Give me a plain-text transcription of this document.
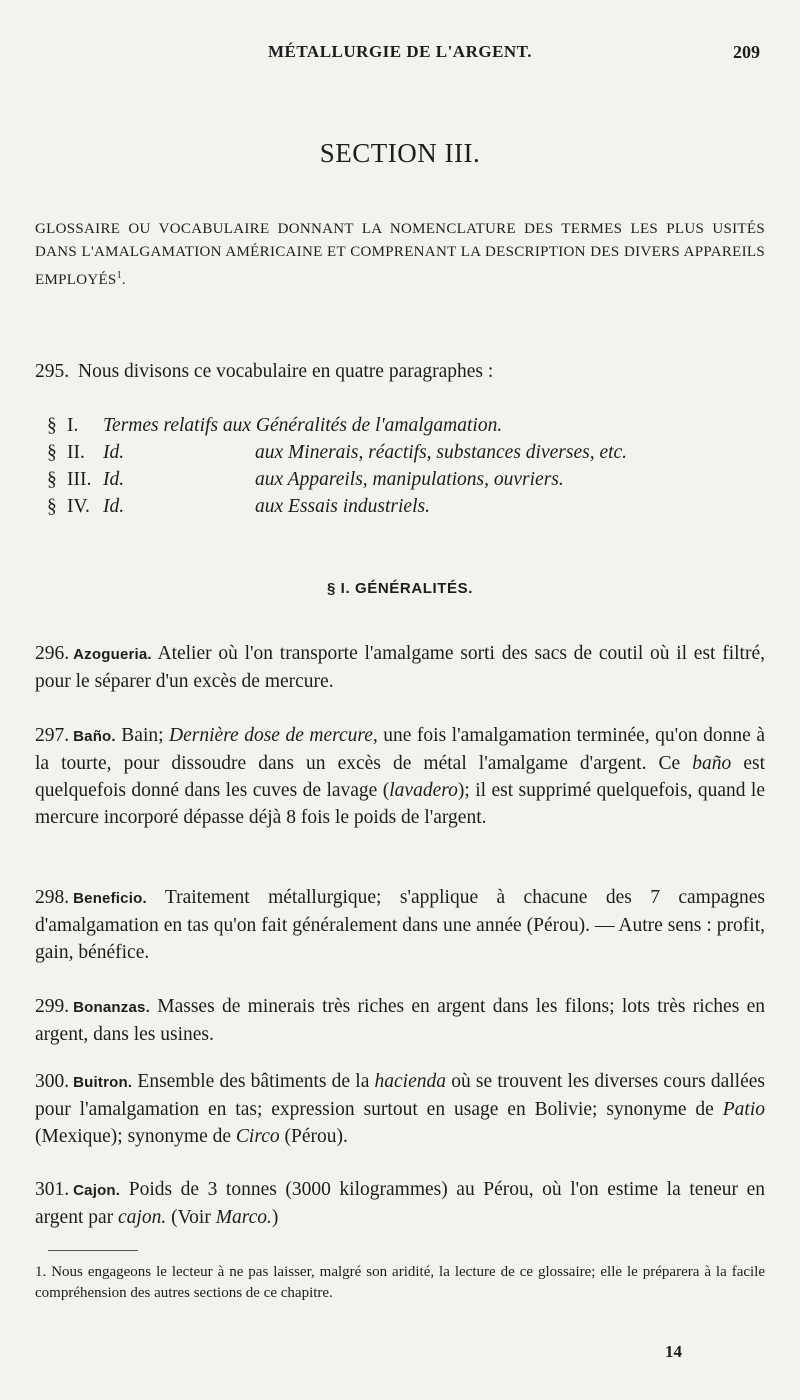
MÉTALLURGIE DE L'ARGENT.	209
SECTION III.
GLOSSAIRE OU VOCABULAIRE DONNANT LA NOMENCLATURE DES TERMES LES PLUS USITÉS DANS L'AMALGAMATION AMÉRICAINE ET COMPRENANT LA DESCRIPTION DES DIVERS APPAREILS EMPLOYÉS$^1$.
295. Nous divisons ce vocabulaire en quatre paragraphes :
§ I. Termes relatifs aux Généralités de l'amalgamation.
§ II. Id.	aux Minerais, réactifs, substances diverses, etc.
§ III. Id.	aux Appareils, manipulations, ouvriers.
§ IV. Id.	aux Essais industriels.
§ I. GÉNÉRALITÉS.
296. Azogueria. Atelier où l'on transporte l'amalgame sorti des sacs de coutil où il est filtré, pour le séparer d'un excès de mercure.
297. Baño. Bain; Dernière dose de mercure, une fois l'amalgamation terminée, qu'on donne à la tourte, pour dissoudre dans un excès de métal l'amalgame d'argent. Ce baño est quelquefois donné dans les cuves de lavage (lavadero); il est supprimé quelquefois, quand le mercure incorporé dépasse déjà 8 fois le poids de l'argent.
298. Beneficio. Traitement métallurgique; s'applique à chacune des 7 campagnes d'amalgamation en tas qu'on fait généralement dans une année (Pérou). — Autre sens : profit, gain, bénéfice.
299. Bonanzas. Masses de minerais très riches en argent dans les filons; lots très riches en argent, dans les usines.
300. Buitron. Ensemble des bâtiments de la hacienda où se trouvent les diverses cours dallées pour l'amalgamation en tas; expression surtout en usage en Bolivie; synonyme de Patio (Mexique); synonyme de Circo (Pérou).
301. Cajon. Poids de 3 tonnes (3000 kilogrammes) au Pérou, où l'on estime la teneur en argent par cajon. (Voir Marco.)
1. Nous engageons le lecteur à ne pas laisser, malgré son aridité, la lecture de ce glossaire; elle le préparera à la facile compréhension des autres sections de ce chapitre.
14
